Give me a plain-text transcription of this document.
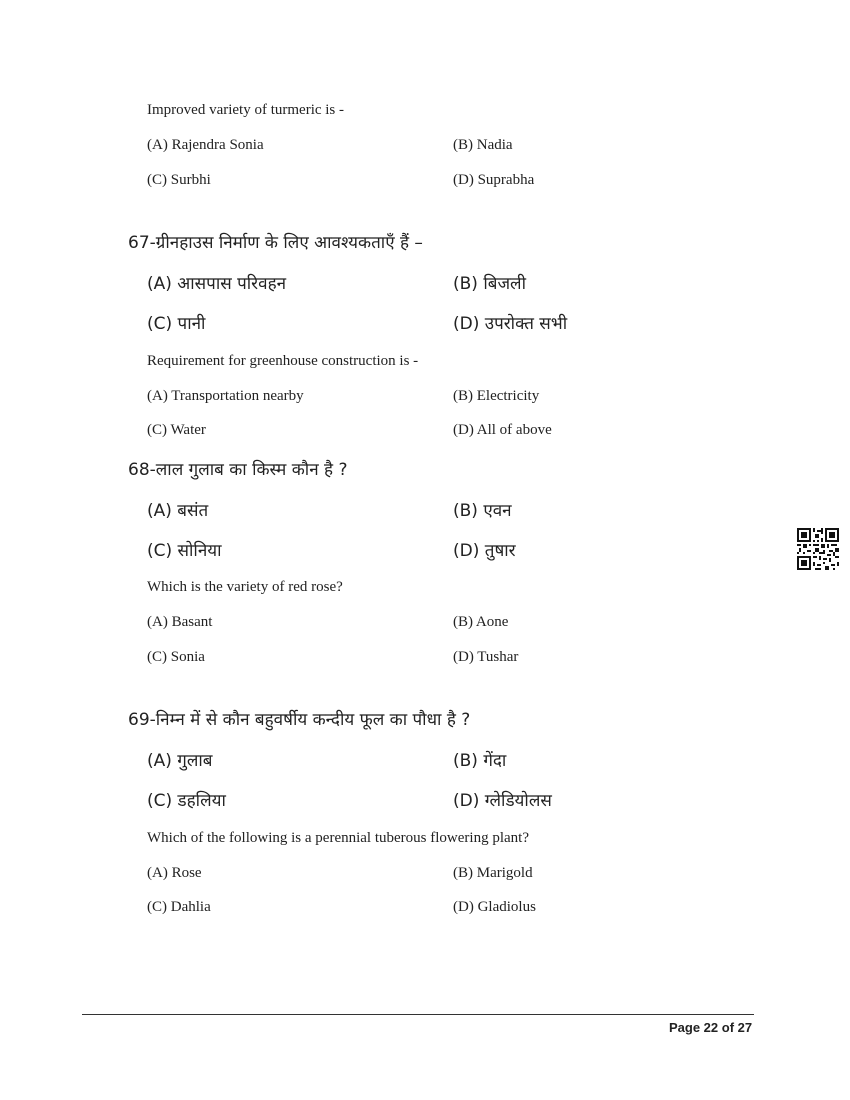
Improved variety of turmeric is -
(A) Rajendra Sonia	(B) Nadia
(C) Surbhi	(D) Suprabha
67-ग्रीनहाउस निर्माण के लिए आवश्यकताएँ हैं –
(A) आसपास परिवहन	(B) बिजली
(C) पानी	(D) उपरोक्त सभी
Requirement for greenhouse construction is -
(A) Transportation nearby	(B) Electricity
(C) Water	(D) All of above
68-लाल गुलाब का किस्म कौन है ?
(A) बसंत	(B) एवन
(C) सोनिया	(D) तुषार
Which is the variety of red rose?
(A) Basant	(B) Aone
(C) Sonia	(D) Tushar
69-निम्न में से कौन बहुवर्षीय कन्दीय फूल का पौधा है ?
(A) गुलाब	(B) गेंदा
(C) डहलिया	(D) ग्लेडियोलस
Which of the following is a perennial tuberous flowering plant?
(A) Rose	(B) Marigold
(C) Dahlia	(D) Gladiolus
Page 22 of 27
